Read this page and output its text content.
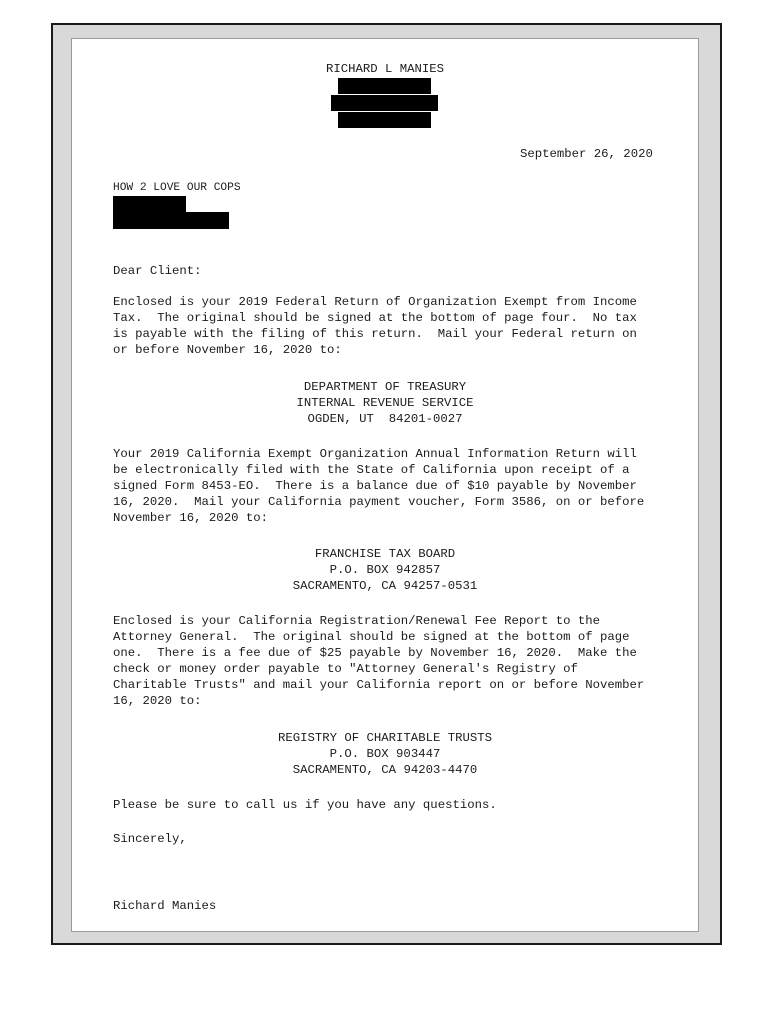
RICHARD L MANIES
September 26, 2020
HOW 2 LOVE OUR COPS
Dear Client:
Enclosed is your 2019 Federal Return of Organization Exempt from Income
Tax.  The original should be signed at the bottom of page four.  No tax
is payable with the filing of this return.  Mail your Federal return on
or before November 16, 2020 to:
DEPARTMENT OF TREASURY
INTERNAL REVENUE SERVICE
OGDEN, UT  84201-0027
Your 2019 California Exempt Organization Annual Information Return will
be electronically filed with the State of California upon receipt of a
signed Form 8453-EO.  There is a balance due of $10 payable by November
16, 2020.  Mail your California payment voucher, Form 3586, on or before
November 16, 2020 to:
FRANCHISE TAX BOARD
P.O. BOX 942857
SACRAMENTO, CA 94257-0531
Enclosed is your California Registration/Renewal Fee Report to the
Attorney General.  The original should be signed at the bottom of page
one.  There is a fee due of $25 payable by November 16, 2020.  Make the
check or money order payable to "Attorney General's Registry of
Charitable Trusts" and mail your California report on or before November
16, 2020 to:
REGISTRY OF CHARITABLE TRUSTS
P.O. BOX 903447
SACRAMENTO, CA 94203-4470
Please be sure to call us if you have any questions.
Sincerely,
Richard Manies
